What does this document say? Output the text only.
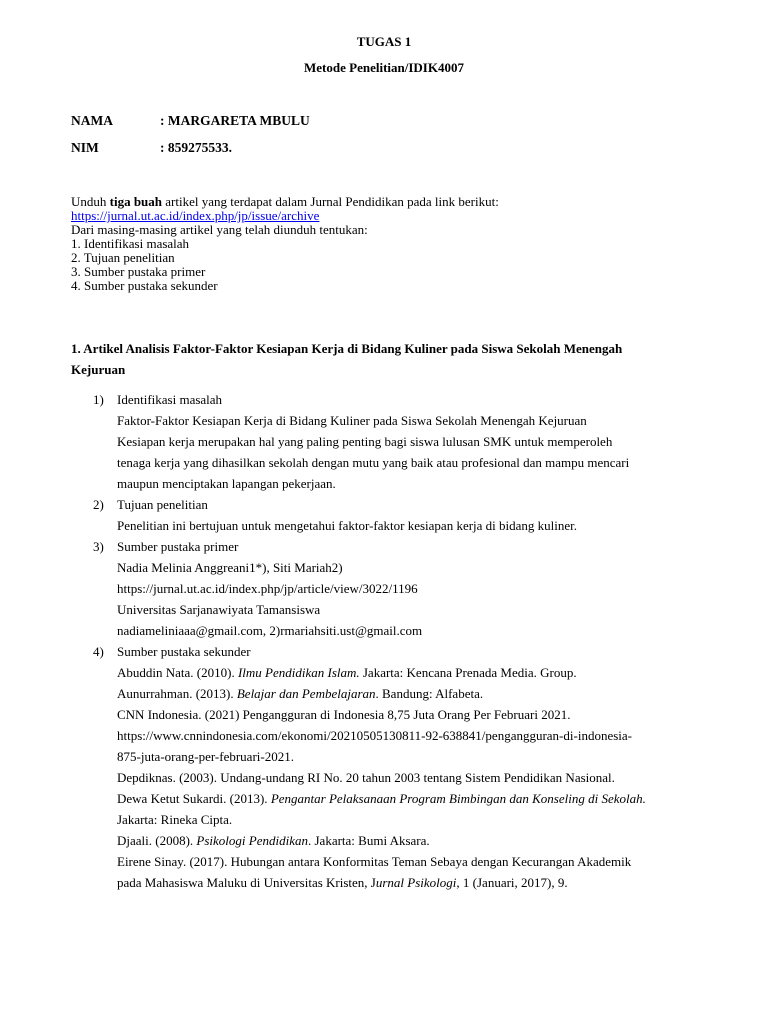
TUGAS 1
Metode Penelitian/IDIK4007
NAMA	: MARGARETA MBULU
NIM	: 859275533.
Unduh tiga buah artikel yang terdapat dalam Jurnal Pendidikan pada link berikut:
https://jurnal.ut.ac.id/index.php/jp/issue/archive
Dari masing-masing artikel yang telah diunduh tentukan:
1. Identifikasi masalah
2. Tujuan penelitian
3. Sumber pustaka primer
4. Sumber pustaka sekunder
1. Artikel Analisis Faktor-Faktor Kesiapan Kerja di Bidang Kuliner pada Siswa Sekolah Menengah
Kejuruan
1) Identifikasi masalah
Faktor-Faktor Kesiapan Kerja di Bidang Kuliner pada Siswa Sekolah Menengah Kejuruan
Kesiapan kerja merupakan hal yang paling penting bagi siswa lulusan SMK untuk memperoleh
tenaga kerja yang dihasilkan sekolah dengan mutu yang baik atau profesional dan mampu mencari
maupun menciptakan lapangan pekerjaan.
2) Tujuan penelitian
Penelitian ini bertujuan untuk mengetahui faktor-faktor kesiapan kerja di bidang kuliner.
3) Sumber pustaka primer
Nadia Melinia Anggreani1*), Siti Mariah2)
https://jurnal.ut.ac.id/index.php/jp/article/view/3022/1196
Universitas Sarjanawiyata Tamansiswa
nadiameliniaaa@gmail.com, 2)rmariahsiti.ust@gmail.com
4) Sumber pustaka sekunder
Abuddin Nata. (2010). Ilmu Pendidikan Islam. Jakarta: Kencana Prenada Media. Group.
Aunurrahman. (2013). Belajar dan Pembelajaran. Bandung: Alfabeta.
CNN Indonesia. (2021) Pengangguran di Indonesia 8,75 Juta Orang Per Februari 2021.
https://www.cnnindonesia.com/ekonomi/20210505130811-92-638841/pengangguran-di-indonesia-
875-juta-orang-per-februari-2021.
Depdiknas. (2003). Undang-undang RI No. 20 tahun 2003 tentang Sistem Pendidikan Nasional.
Dewa Ketut Sukardi. (2013). Pengantar Pelaksanaan Program Bimbingan dan Konseling di Sekolah.
Jakarta: Rineka Cipta.
Djaali. (2008). Psikologi Pendidikan. Jakarta: Bumi Aksara.
Eirene Sinay. (2017). Hubungan antara Konformitas Teman Sebaya dengan Kecurangan Akademik
pada Mahasiswa Maluku di Universitas Kristen, Jurnal Psikologi, 1 (Januari, 2017), 9.
